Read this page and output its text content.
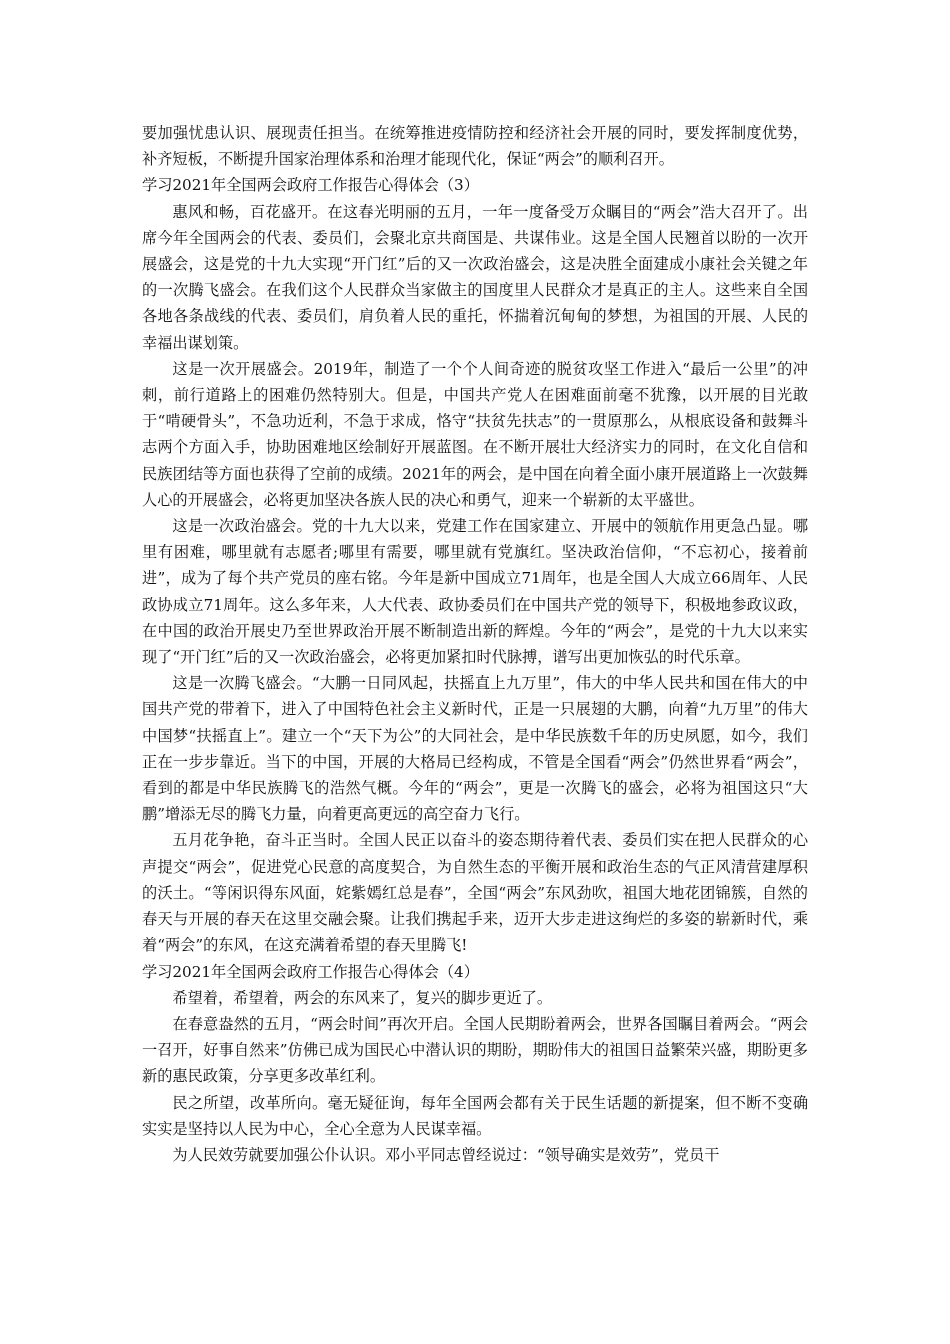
要加强忧患认识、展现责任担当。在统筹推进疫情防控和经济社会开展的同时，要发挥制度优势，补齐短板，不断提升国家治理体系和治理才能现代化，保证“两会”的顺利召开。

学习2021年全国两会政府工作报告心得体会（3）

惠风和畅，百花盛开。在这春光明丽的五月，一年一度备受万众瞩目的“两会”浩大召开了。出席今年全国两会的代表、委员们，会聚北京共商国是、共谋伟业。这是全国人民翘首以盼的一次开展盛会，这是党的十九大实现“开门红”后的又一次政治盛会，这是决胜全面建成小康社会关键之年的一次腾飞盛会。在我们这个人民群众当家做主的国度里人民群众才是真正的主人。这些来自全国各地各条战线的代表、委员们，肩负着人民的重托，怀揣着沉甸甸的梦想，为祖国的开展、人民的幸福出谋划策。

这是一次开展盛会。2019年，制造了一个个人间奇迹的脱贫攻坚工作进入“最后一公里”的冲刺，前行道路上的困难仍然特别大。但是，中国共产党人在困难面前毫不犹豫，以开展的目光敢于“啃硬骨头”，不急功近利，不急于求成，恪守“扶贫先扶志”的一贯原那么，从根底设备和鼓舞斗志两个方面入手，协助困难地区绘制好开展蓝图。在不断开展壮大经济实力的同时，在文化自信和民族团结等方面也获得了空前的成绩。2021年的两会，是中国在向着全面小康开展道路上一次鼓舞人心的开展盛会，必将更加坚决各族人民的决心和勇气，迎来一个崭新的太平盛世。

这是一次政治盛会。党的十九大以来，党建工作在国家建立、开展中的领航作用更急凸显。哪里有困难，哪里就有志愿者;哪里有需要，哪里就有党旗红。坚决政治信仰，“不忘初心，接着前进”，成为了每个共产党员的座右铭。今年是新中国成立71周年，也是全国人大成立66周年、人民政协成立71周年。这么多年来，人大代表、政协委员们在中国共产党的领导下，积极地参政议政，在中国的政治开展史乃至世界政治开展不断制造出新的辉煌。今年的“两会”，是党的十九大以来实现了“开门红”后的又一次政治盛会，必将更加紧扣时代脉搏，谱写出更加恢弘的时代乐章。

这是一次腾飞盛会。“大鹏一日同风起，扶摇直上九万里”，伟大的中华人民共和国在伟大的中国共产党的带着下，进入了中国特色社会主义新时代，正是一只展翅的大鹏，向着“九万里”的伟大中国梦“扶摇直上”。建立一个“天下为公”的大同社会，是中华民族数千年的历史夙愿，如今，我们正在一步步靠近。当下的中国，开展的大格局已经构成，不管是全国看“两会”仍然世界看“两会”，看到的都是中华民族腾飞的浩然气概。今年的“两会”，更是一次腾飞的盛会，必将为祖国这只“大鹏”增添无尽的腾飞力量，向着更高更远的高空奋力飞行。

五月花争艳，奋斗正当时。全国人民正以奋斗的姿态期待着代表、委员们实在把人民群众的心声提交“两会”，促进党心民意的高度契合，为自然生态的平衡开展和政治生态的气正风清营建厚积的沃土。“等闲识得东风面，姹紫嫣红总是春”，全国“两会”东风劲吹，祖国大地花团锦簇，自然的春天与开展的春天在这里交融会聚。让我们携起手来，迈开大步走进这绚烂的多姿的崭新时代，乘着“两会”的东风，在这充满着希望的春天里腾飞!

学习2021年全国两会政府工作报告心得体会（4）

希望着，希望着，两会的东风来了，复兴的脚步更近了。

在春意盎然的五月，“两会时间”再次开启。全国人民期盼着两会，世界各国瞩目着两会。“两会一召开，好事自然来”仿佛已成为国民心中潜认识的期盼，期盼伟大的祖国日益繁荣兴盛，期盼更多新的惠民政策，分享更多改革红利。

民之所望，改革所向。毫无疑征询，每年全国两会都有关于民生话题的新提案，但不断不变确实实是坚持以人民为中心，全心全意为人民谋幸福。

为人民效劳就要加强公仆认识。邓小平同志曾经说过：“领导确实是效劳”，党员干
